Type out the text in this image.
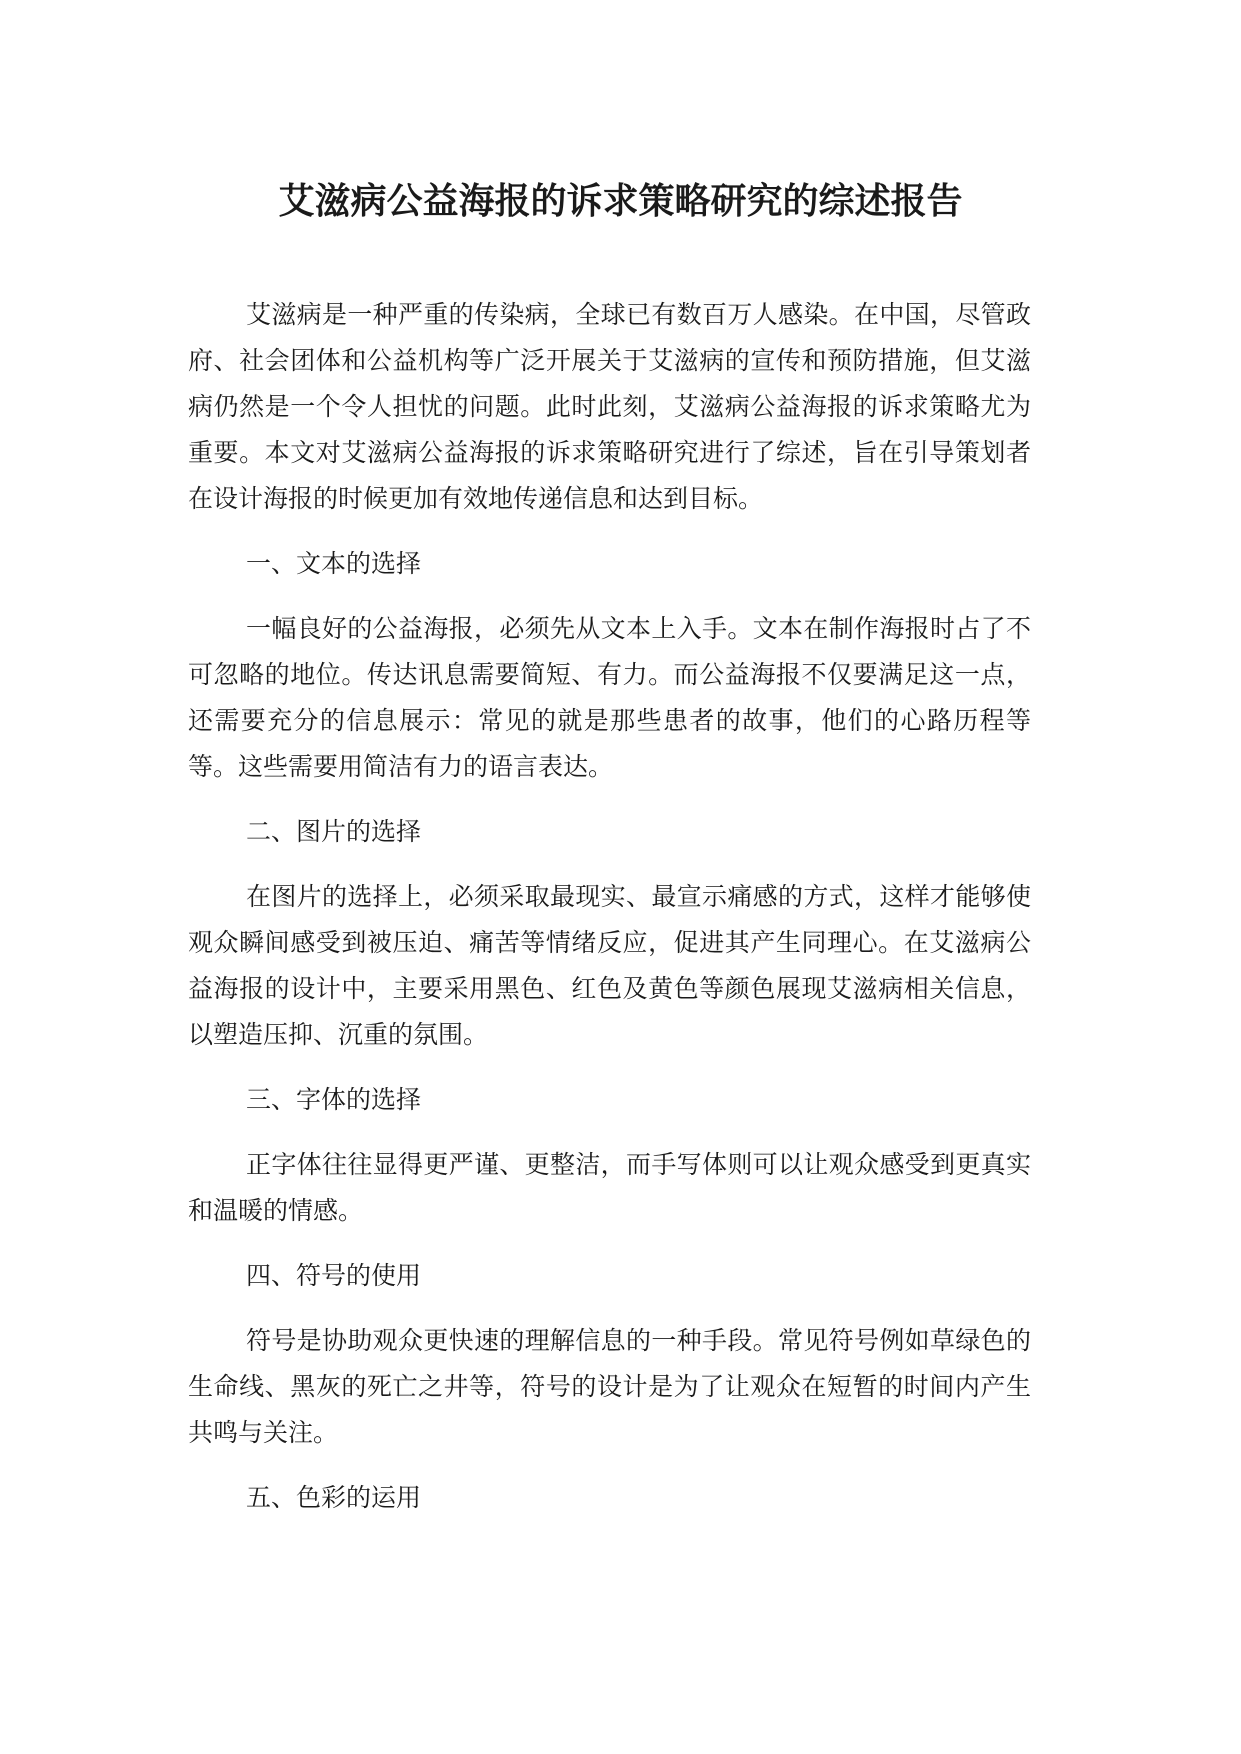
艾滋病公益海报的诉求策略研究的综述报告

艾滋病是一种严重的传染病，全球已有数百万人感染。在中国，尽管政府、社会团体和公益机构等广泛开展关于艾滋病的宣传和预防措施，但艾滋病仍然是一个令人担忧的问题。此时此刻，艾滋病公益海报的诉求策略尤为重要。本文对艾滋病公益海报的诉求策略研究进行了综述，旨在引导策划者在设计海报的时候更加有效地传递信息和达到目标。

一、文本的选择

一幅良好的公益海报，必须先从文本上入手。文本在制作海报时占了不可忽略的地位。传达讯息需要简短、有力。而公益海报不仅要满足这一点，还需要充分的信息展示：常见的就是那些患者的故事，他们的心路历程等等。这些需要用简洁有力的语言表达。

二、图片的选择

在图片的选择上，必须采取最现实、最宣示痛感的方式，这样才能够使观众瞬间感受到被压迫、痛苦等情绪反应，促进其产生同理心。在艾滋病公益海报的设计中，主要采用黑色、红色及黄色等颜色展现艾滋病相关信息，以塑造压抑、沉重的氛围。

三、字体的选择

正字体往往显得更严谨、更整洁，而手写体则可以让观众感受到更真实和温暖的情感。

四、符号的使用

符号是协助观众更快速的理解信息的一种手段。常见符号例如草绿色的生命线、黑灰的死亡之井等，符号的设计是为了让观众在短暂的时间内产生共鸣与关注。

五、色彩的运用
